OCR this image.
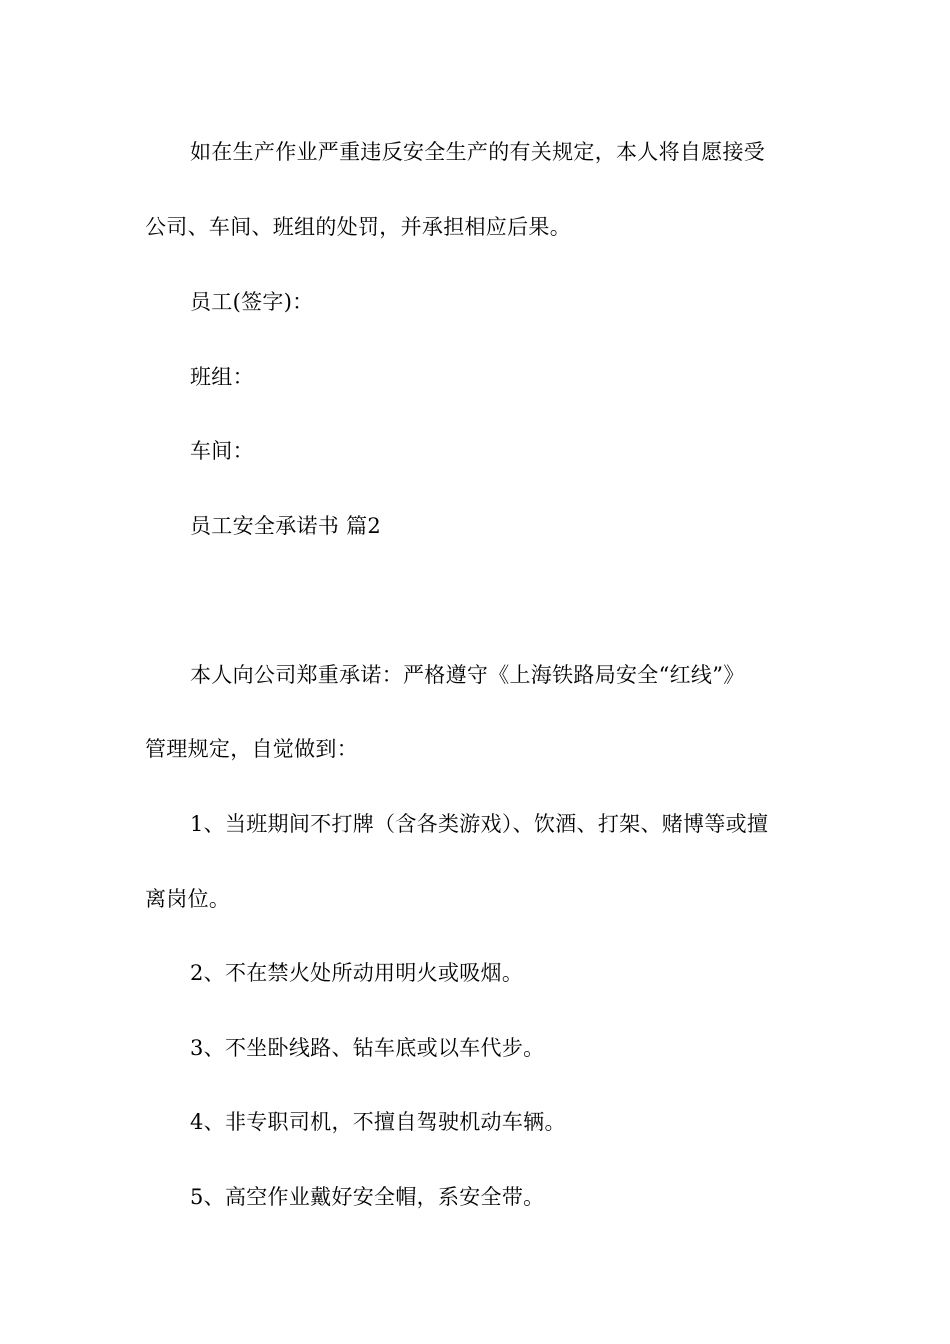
如在生产作业严重违反安全生产的有关规定，本人将自愿接受

公司、车间、班组的处罚，并承担相应后果。

员工(签字)：

班组：

车间：

员工安全承诺书 篇2

本人向公司郑重承诺：严格遵守《上海铁路局安全“红线”》

管理规定，自觉做到：

1、当班期间不打牌（含各类游戏）、饮酒、打架、赌博等或擅

离岗位。

2、不在禁火处所动用明火或吸烟。

3、不坐卧线路、钻车底或以车代步。

4、非专职司机，不擅自驾驶机动车辆。

5、高空作业戴好安全帽，系安全带。
